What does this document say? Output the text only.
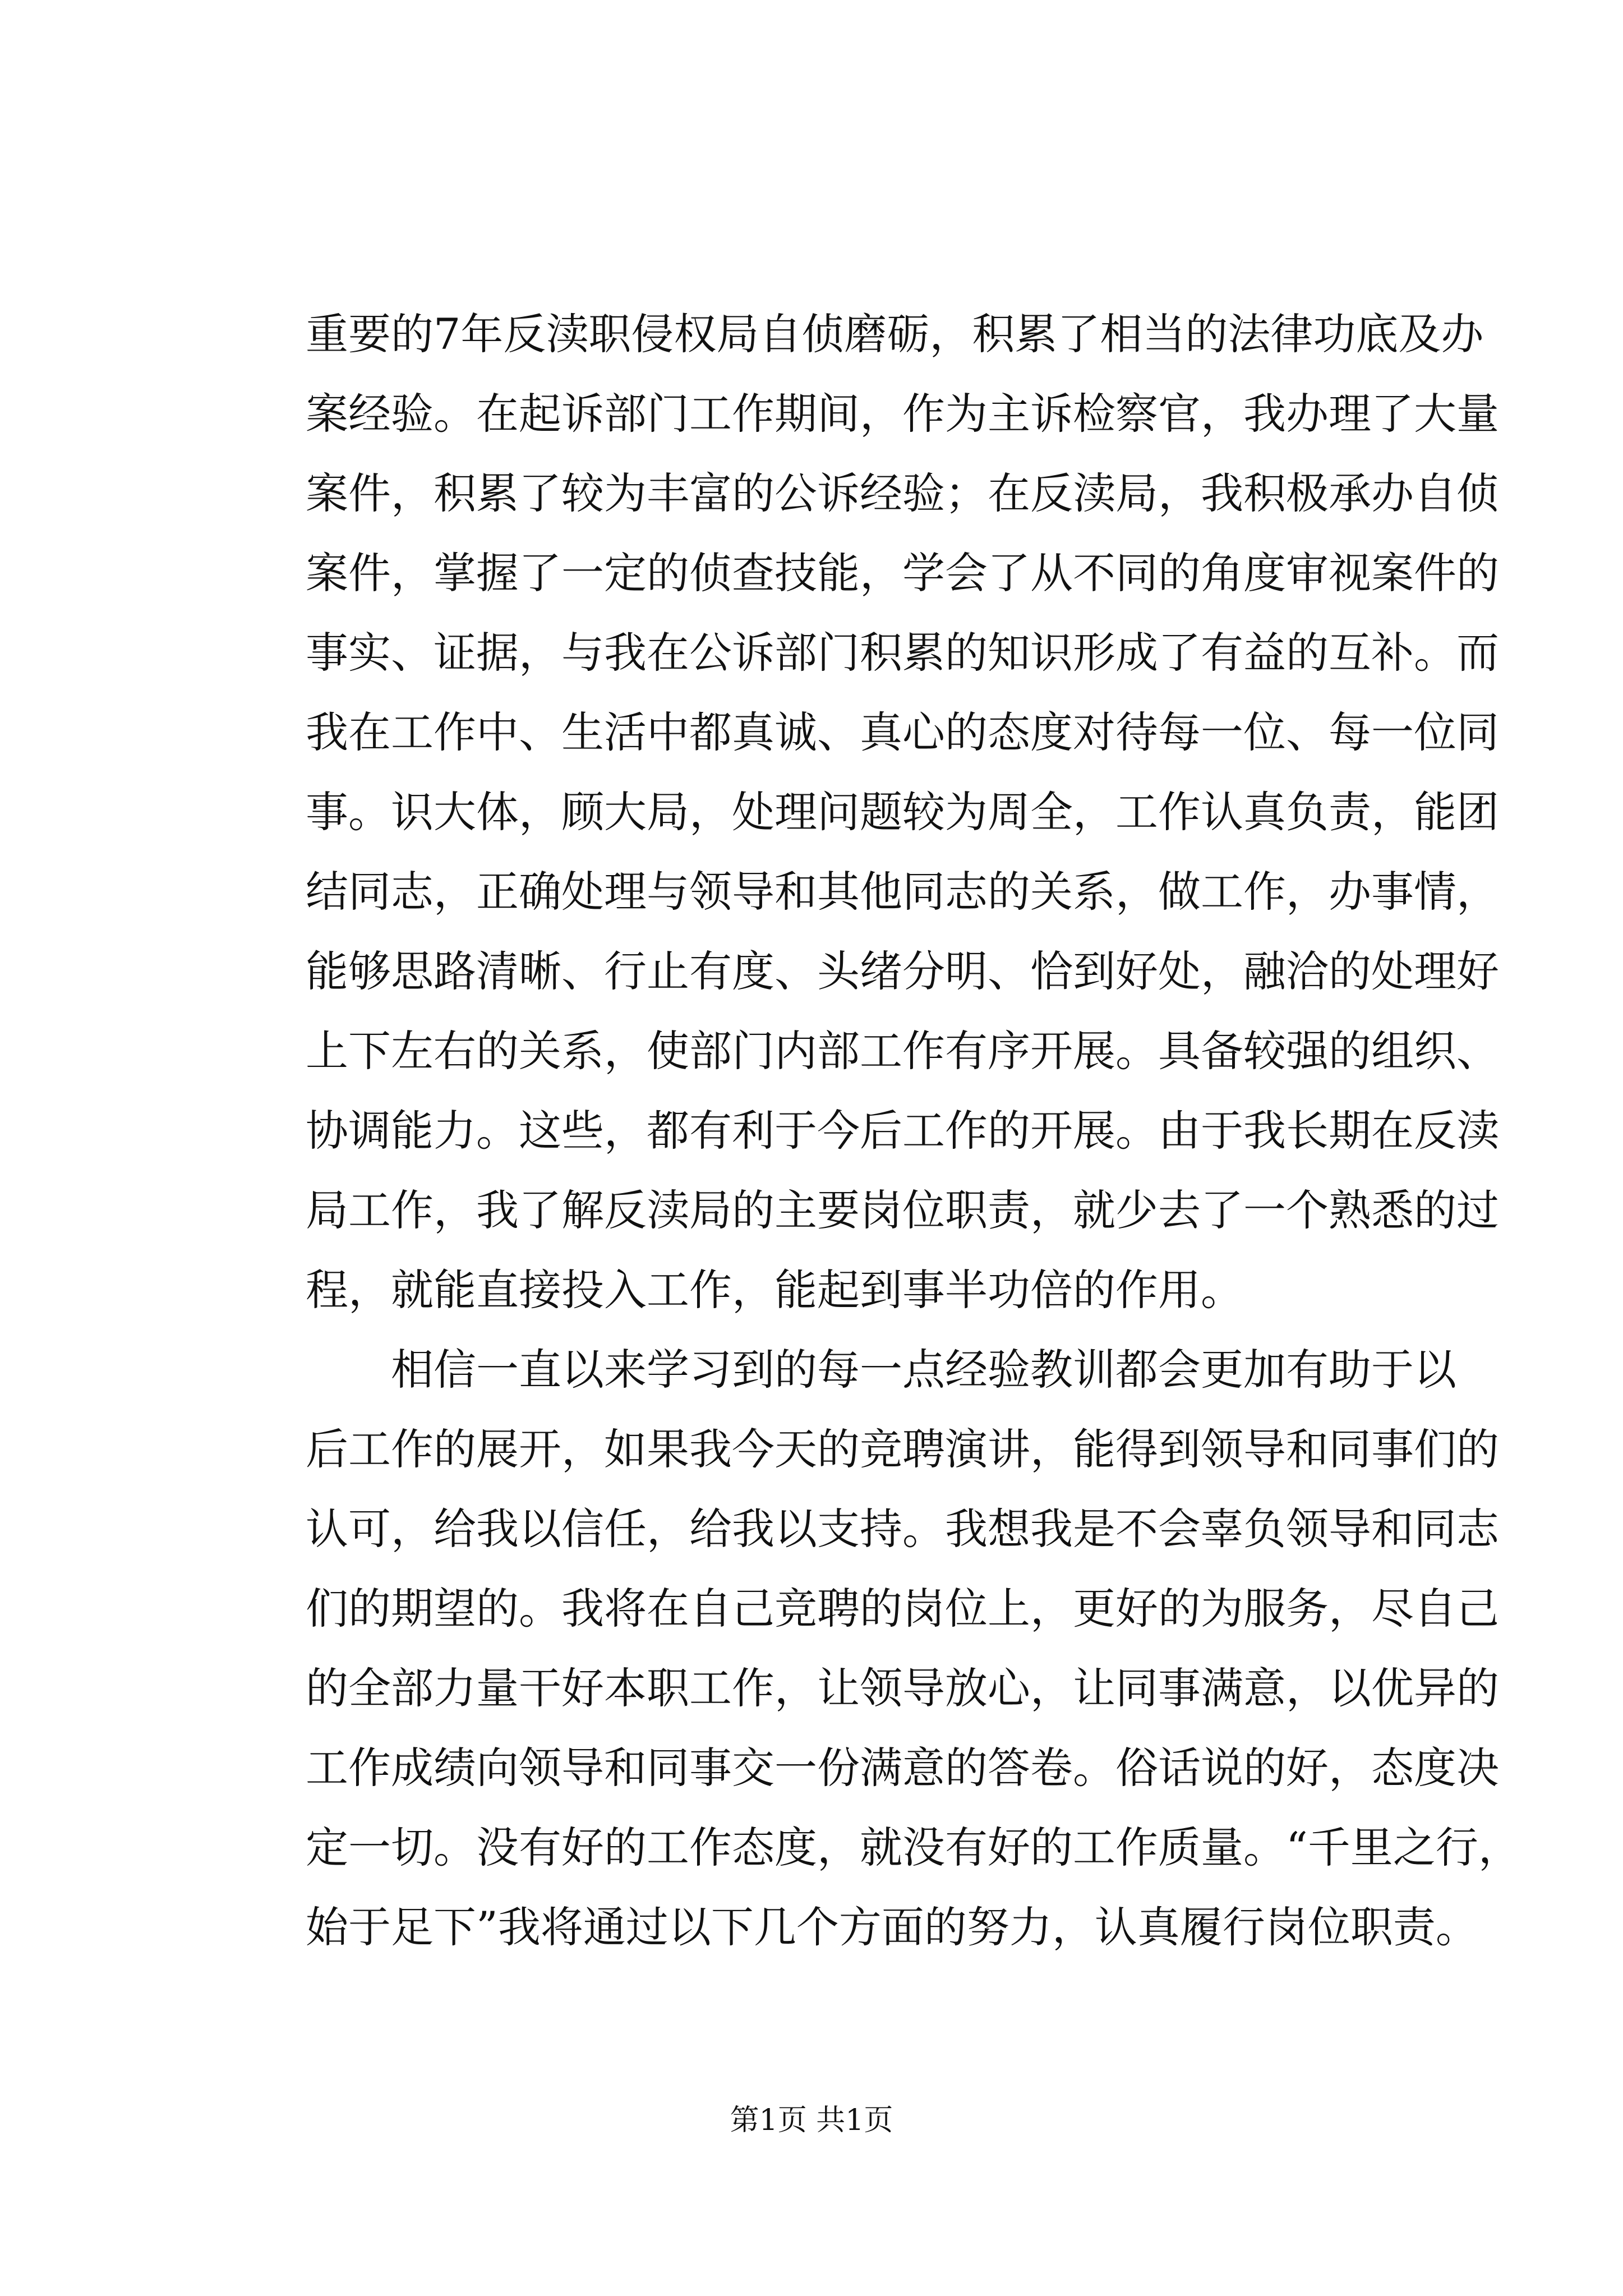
重要的7年反渎职侵权局自侦磨砺，积累了相当的法律功底及办
案经验。在起诉部门工作期间，作为主诉检察官，我办理了大量
案件，积累了较为丰富的公诉经验；在反渎局，我积极承办自侦
案件，掌握了一定的侦查技能，学会了从不同的角度审视案件的
事实、证据，与我在公诉部门积累的知识形成了有益的互补。而
我在工作中、生活中都真诚、真心的态度对待每一位、每一位同
事。识大体，顾大局，处理问题较为周全，工作认真负责，能团
结同志，正确处理与领导和其他同志的关系，做工作，办事情，
能够思路清晰、行止有度、头绪分明、恰到好处，融洽的处理好
上下左右的关系，使部门内部工作有序开展。具备较强的组织、
协调能力。这些，都有利于今后工作的开展。由于我长期在反渎
局工作，我了解反渎局的主要岗位职责，就少去了一个熟悉的过
程，就能直接投入工作，能起到事半功倍的作用。
相信一直以来学习到的每一点经验教训都会更加有助于以
后工作的展开，如果我今天的竞聘演讲，能得到领导和同事们的
认可，给我以信任，给我以支持。我想我是不会辜负领导和同志
们的期望的。我将在自己竞聘的岗位上，更好的为服务，尽自己
的全部力量干好本职工作，让领导放心，让同事满意，以优异的
工作成绩向领导和同事交一份满意的答卷。俗话说的好，态度决
定一切。没有好的工作态度，就没有好的工作质量。“千里之行，
始于足下”我将通过以下几个方面的努力，认真履行岗位职责。
第1页 共1页
